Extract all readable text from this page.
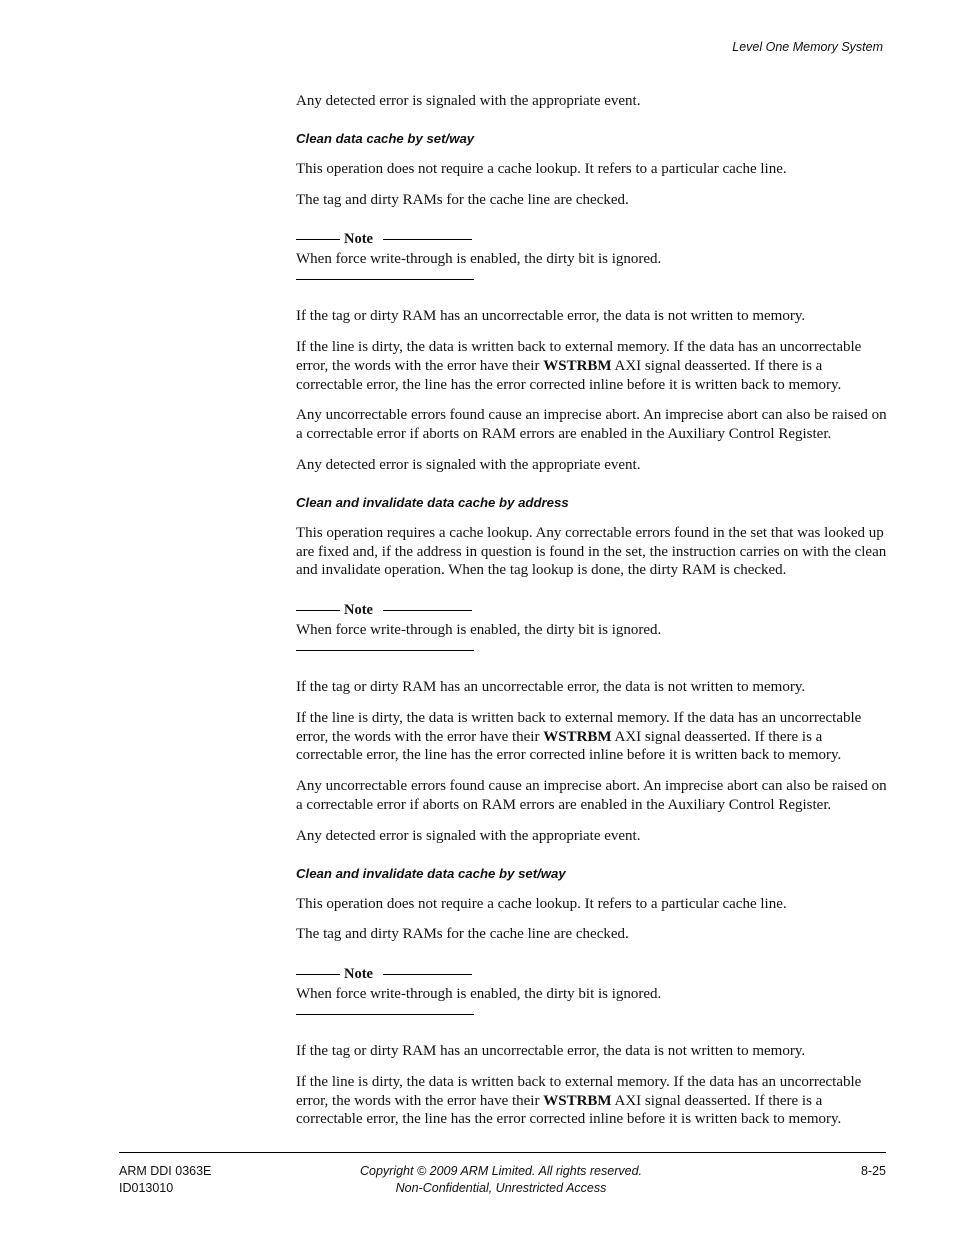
Level One Memory System

Any detected error is signaled with the appropriate event.

Clean data cache by set/way

This operation does not require a cache lookup. It refers to a particular cache line.

The tag and dirty RAMs for the cache line are checked.

Note

When force write-through is enabled, the dirty bit is ignored.

If the tag or dirty RAM has an uncorrectable error, the data is not written to memory.

If the line is dirty, the data is written back to external memory. If the data has an uncorrectable error, the words with the error have their WSTRBM AXI signal deasserted. If there is a correctable error, the line has the error corrected inline before it is written back to memory.

Any uncorrectable errors found cause an imprecise abort. An imprecise abort can also be raised on a correctable error if aborts on RAM errors are enabled in the Auxiliary Control Register.

Any detected error is signaled with the appropriate event.

Clean and invalidate data cache by address

This operation requires a cache lookup. Any correctable errors found in the set that was looked up are fixed and, if the address in question is found in the set, the instruction carries on with the clean and invalidate operation. When the tag lookup is done, the dirty RAM is checked.

Note

When force write-through is enabled, the dirty bit is ignored.

If the tag or dirty RAM has an uncorrectable error, the data is not written to memory.

If the line is dirty, the data is written back to external memory. If the data has an uncorrectable error, the words with the error have their WSTRBM AXI signal deasserted. If there is a correctable error, the line has the error corrected inline before it is written back to memory.

Any uncorrectable errors found cause an imprecise abort. An imprecise abort can also be raised on a correctable error if aborts on RAM errors are enabled in the Auxiliary Control Register.

Any detected error is signaled with the appropriate event.

Clean and invalidate data cache by set/way

This operation does not require a cache lookup. It refers to a particular cache line.

The tag and dirty RAMs for the cache line are checked.

Note

When force write-through is enabled, the dirty bit is ignored.

If the tag or dirty RAM has an uncorrectable error, the data is not written to memory.

If the line is dirty, the data is written back to external memory. If the data has an uncorrectable error, the words with the error have their WSTRBM AXI signal deasserted. If there is a correctable error, the line has the error corrected inline before it is written back to memory.

ARM DDI 0363E
ID013010
Copyright © 2009 ARM Limited. All rights reserved.
Non-Confidential, Unrestricted Access
8-25
